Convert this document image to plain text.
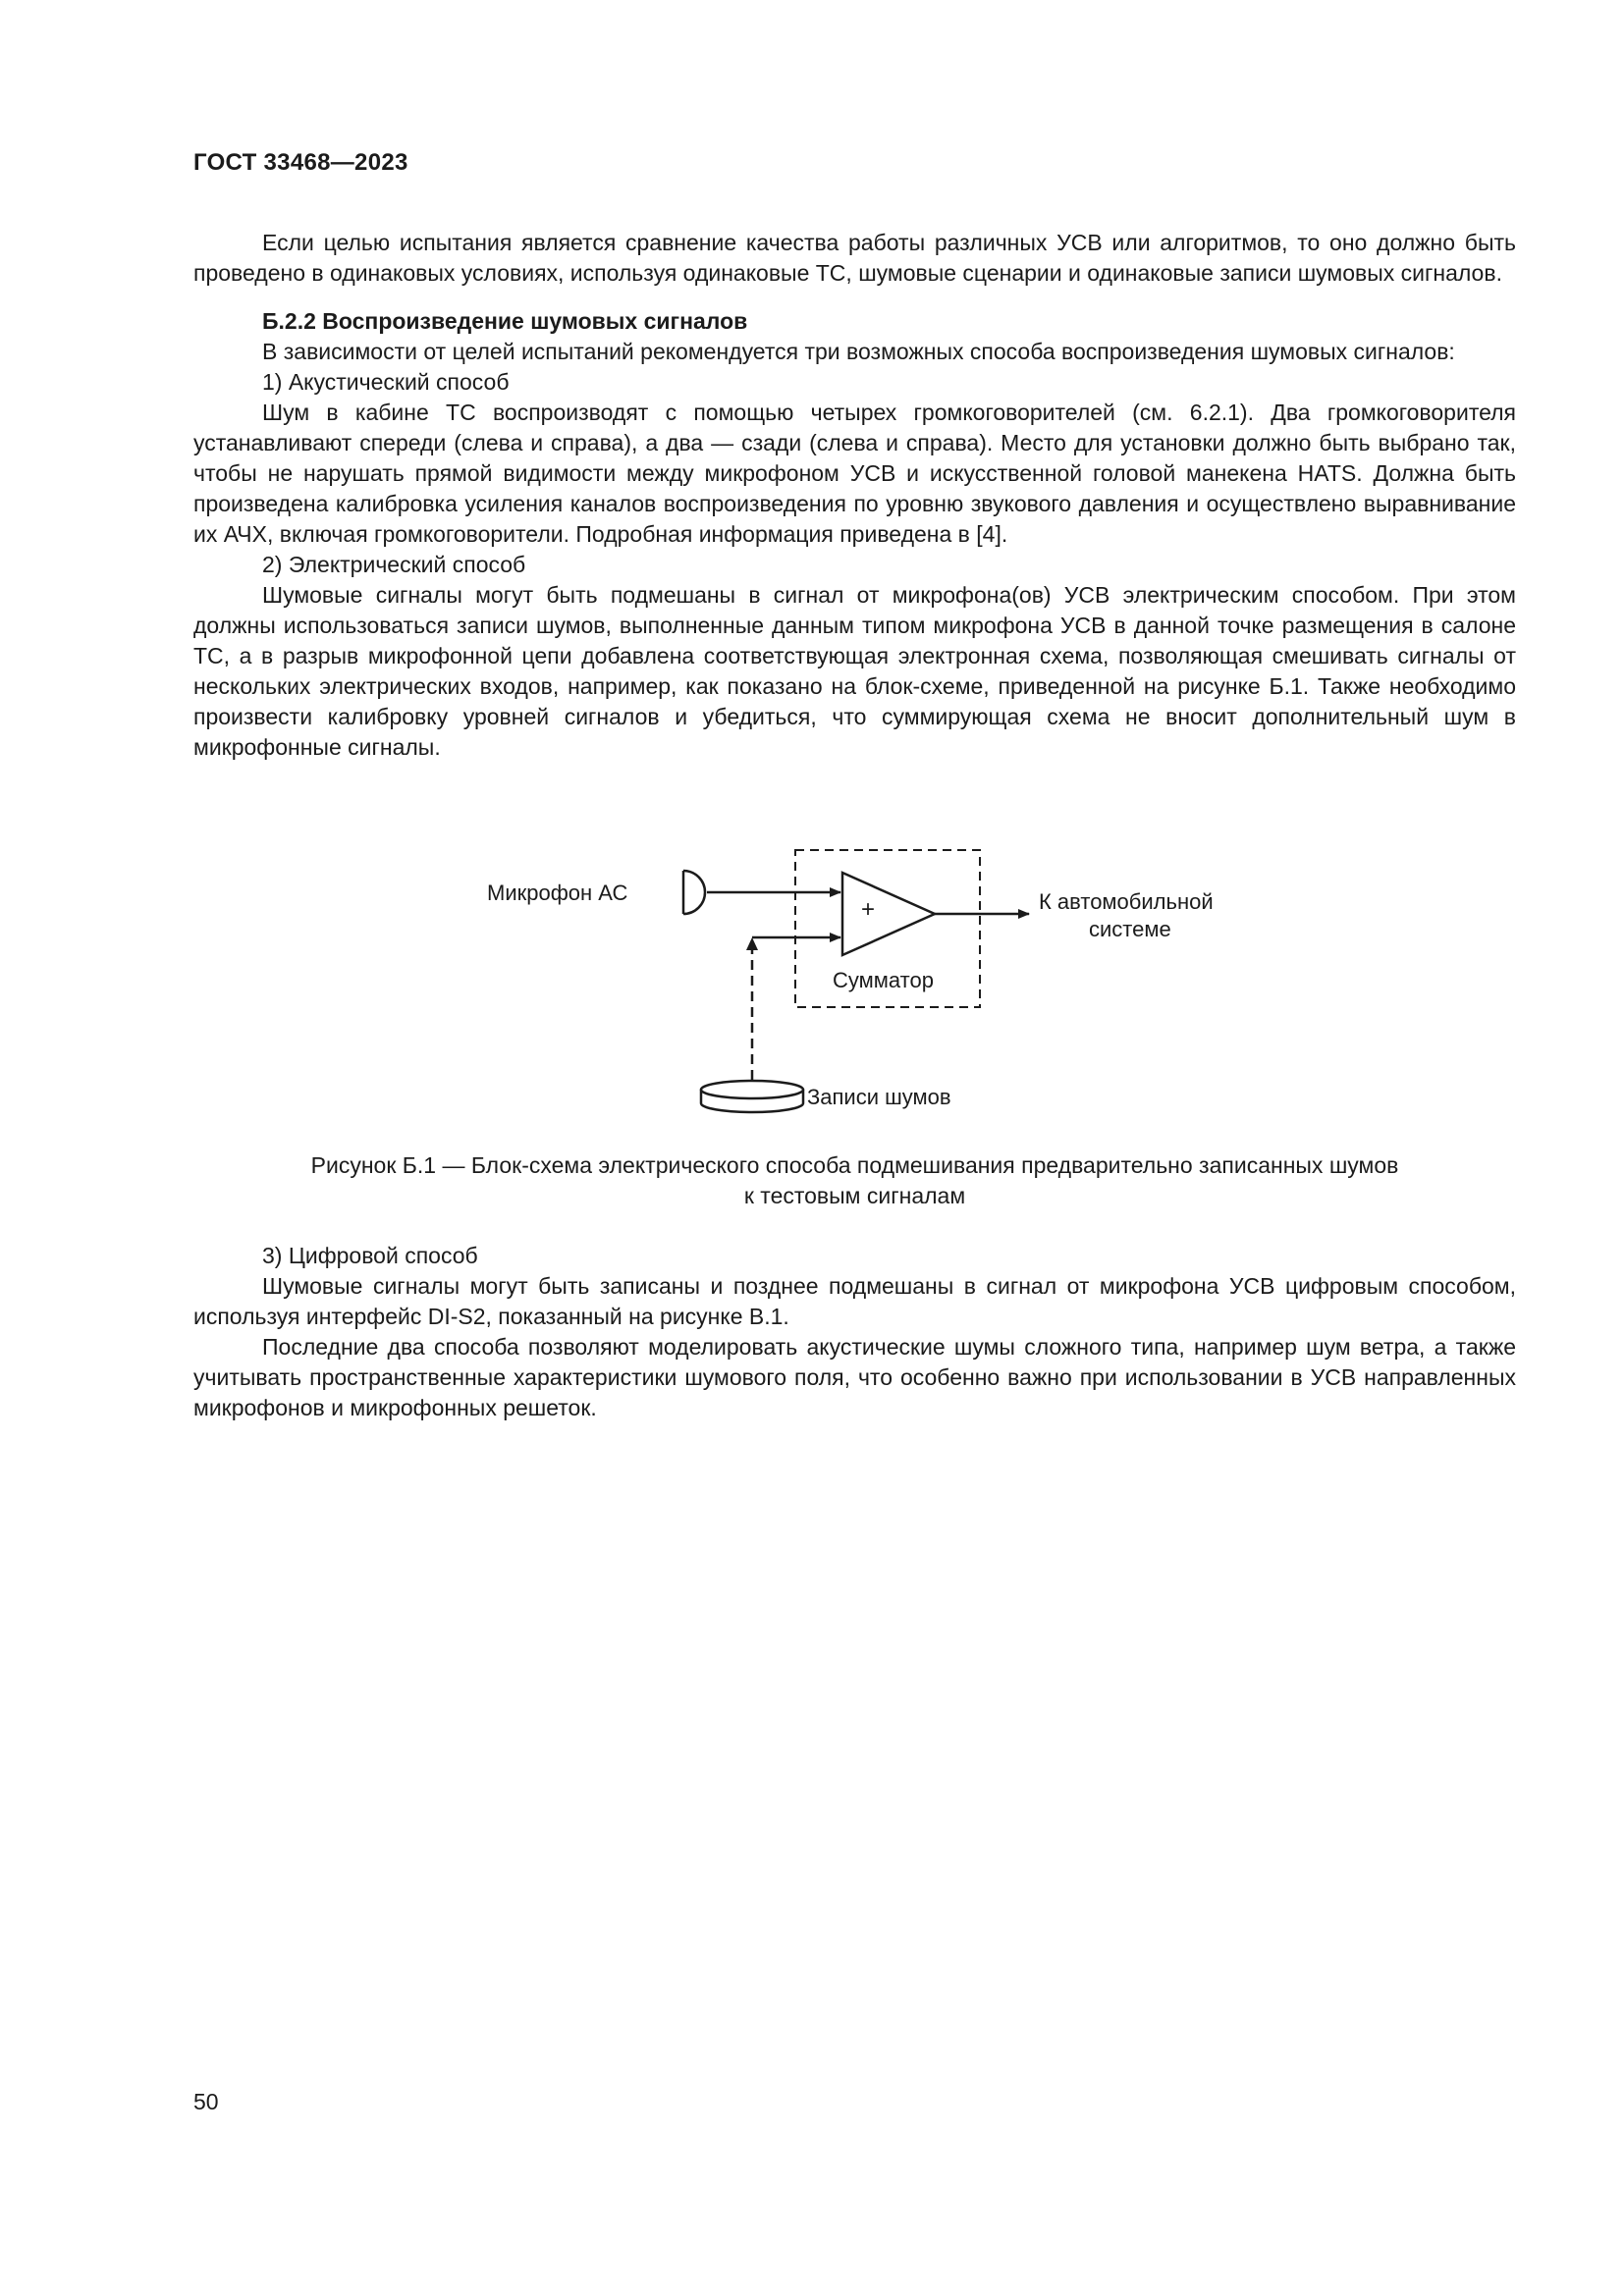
ГОСТ 33468—2023

Если целью испытания является сравнение качества работы различных УСВ или алгоритмов, то оно должно быть проведено в одинаковых условиях, используя одинаковые ТС, шумовые сценарии и одинаковые записи шумовых сигналов.

Б.2.2 Воспроизведение шумовых сигналов

В зависимости от целей испытаний рекомендуется три возможных способа воспроизведения шумовых сигналов:

1) Акустический способ

Шум в кабине ТС воспроизводят с помощью четырех громкоговорителей (см. 6.2.1). Два громкоговорителя устанавливают спереди (слева и справа), а два — сзади (слева и справа). Место для установки должно быть выбрано так, чтобы не нарушать прямой видимости между микрофоном УСВ и искусственной головой манекена HATS. Должна быть произведена калибровка усиления каналов воспроизведения по уровню звукового давления и осуществлено выравнивание их АЧХ, включая громкоговорители. Подробная информация приведена в [4].

2) Электрический способ

Шумовые сигналы могут быть подмешаны в сигнал от микрофона(ов) УСВ электрическим способом. При этом должны использоваться записи шумов, выполненные данным типом микрофона УСВ в данной точке размещения в салоне ТС, а в разрыв микрофонной цепи добавлена соответствующая электронная схема, позволяющая смешивать сигналы от нескольких электрических входов, например, как показано на блок-схеме, приведенной на рисунке Б.1. Также необходимо произвести калибровку уровней сигналов и убедиться, что суммирующая схема не вносит дополнительный шум в микрофонные сигналы.

Микрофон АС
+
Сумматор
К автомобильной
системе
Записи шумов
Рисунок Б.1 — Блок-схема электрического способа подмешивания предварительно записанных шумов
к тестовым сигналам

3) Цифровой способ

Шумовые сигналы могут быть записаны и позднее подмешаны в сигнал от микрофона УСВ цифровым способом, используя интерфейс DI-S2, показанный на рисунке В.1.

Последние два способа позволяют моделировать акустические шумы сложного типа, например шум ветра, а также учитывать пространственные характеристики шумового поля, что особенно важно при использовании в УСВ направленных микрофонов и микрофонных решеток.

50
